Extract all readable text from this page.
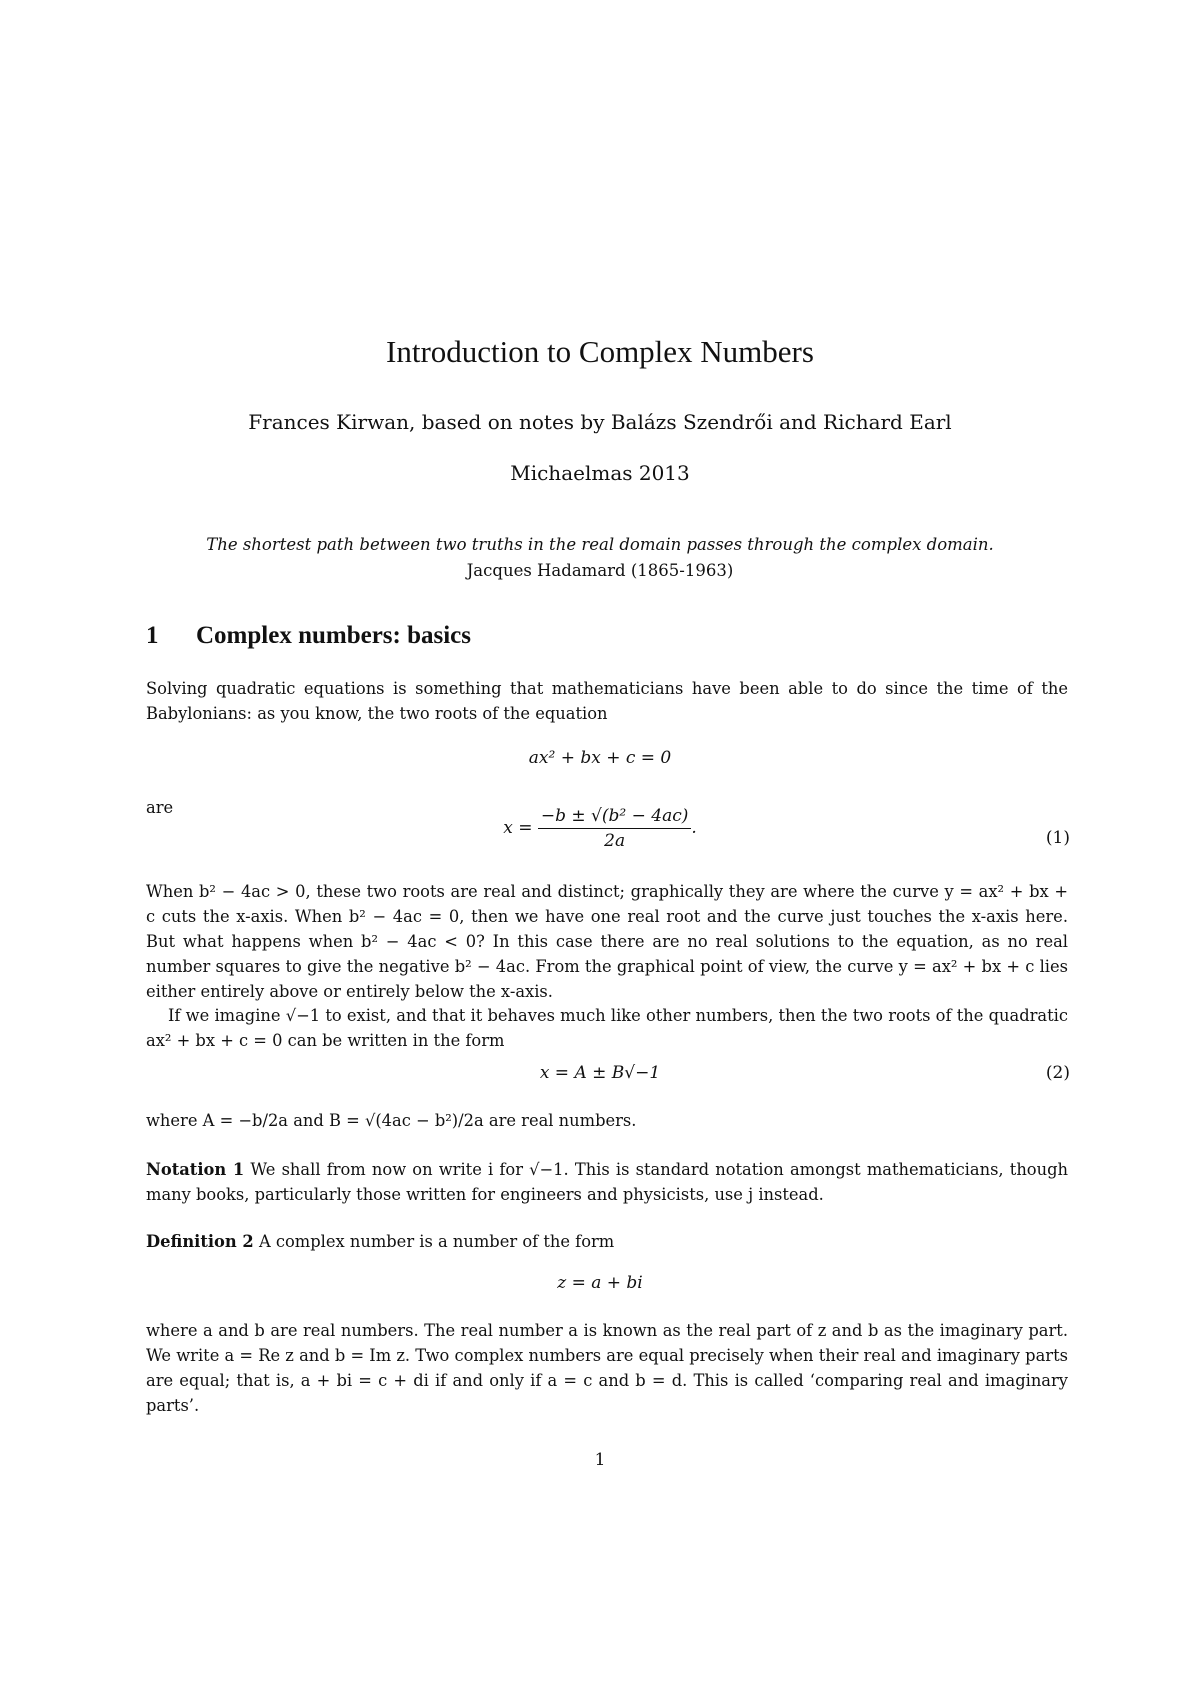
Introduction to Complex Numbers
Frances Kirwan, based on notes by Balázs Szendrői and Richard Earl
Michaelmas 2013
The shortest path between two truths in the real domain passes through the complex domain.
Jacques Hadamard (1865-1963)
1 Complex numbers: basics
Solving quadratic equations is something that mathematicians have been able to do since the time of the Babylonians: as you know, the two roots of the equation
ax² + bx + c = 0
are
$x = \frac{\text{−b ± √(b² − 4ac)}}{2a}$ .	(1)
When b² − 4ac > 0, these two roots are real and distinct; graphically they are where the curve y = ax² + bx + c cuts the x-axis. When b² − 4ac = 0, then we have one real root and the curve just touches the x-axis here. But what happens when b² − 4ac < 0? In this case there are no real solutions to the equation, as no real number squares to give the negative b² − 4ac. From the graphical point of view, the curve y = ax² + bx + c lies either entirely above or entirely below the x-axis.
If we imagine √−1 to exist, and that it behaves much like other numbers, then the two roots of the quadratic ax² + bx + c = 0 can be written in the form
x = A ± B√−1	(2)
where A = −b/2a and B = √(4ac − b²)/2a are real numbers.
Notation 1 We shall from now on write i for √−1. This is standard notation amongst mathematicians, though many books, particularly those written for engineers and physicists, use j instead.
Definition 2 A complex number is a number of the form
z = a + bi
where a and b are real numbers. The real number a is known as the real part of z and b as the imaginary part. We write a = Re z and b = Im z. Two complex numbers are equal precisely when their real and imaginary parts are equal; that is, a + bi = c + di if and only if a = c and b = d. This is called ‘comparing real and imaginary parts’.
1
